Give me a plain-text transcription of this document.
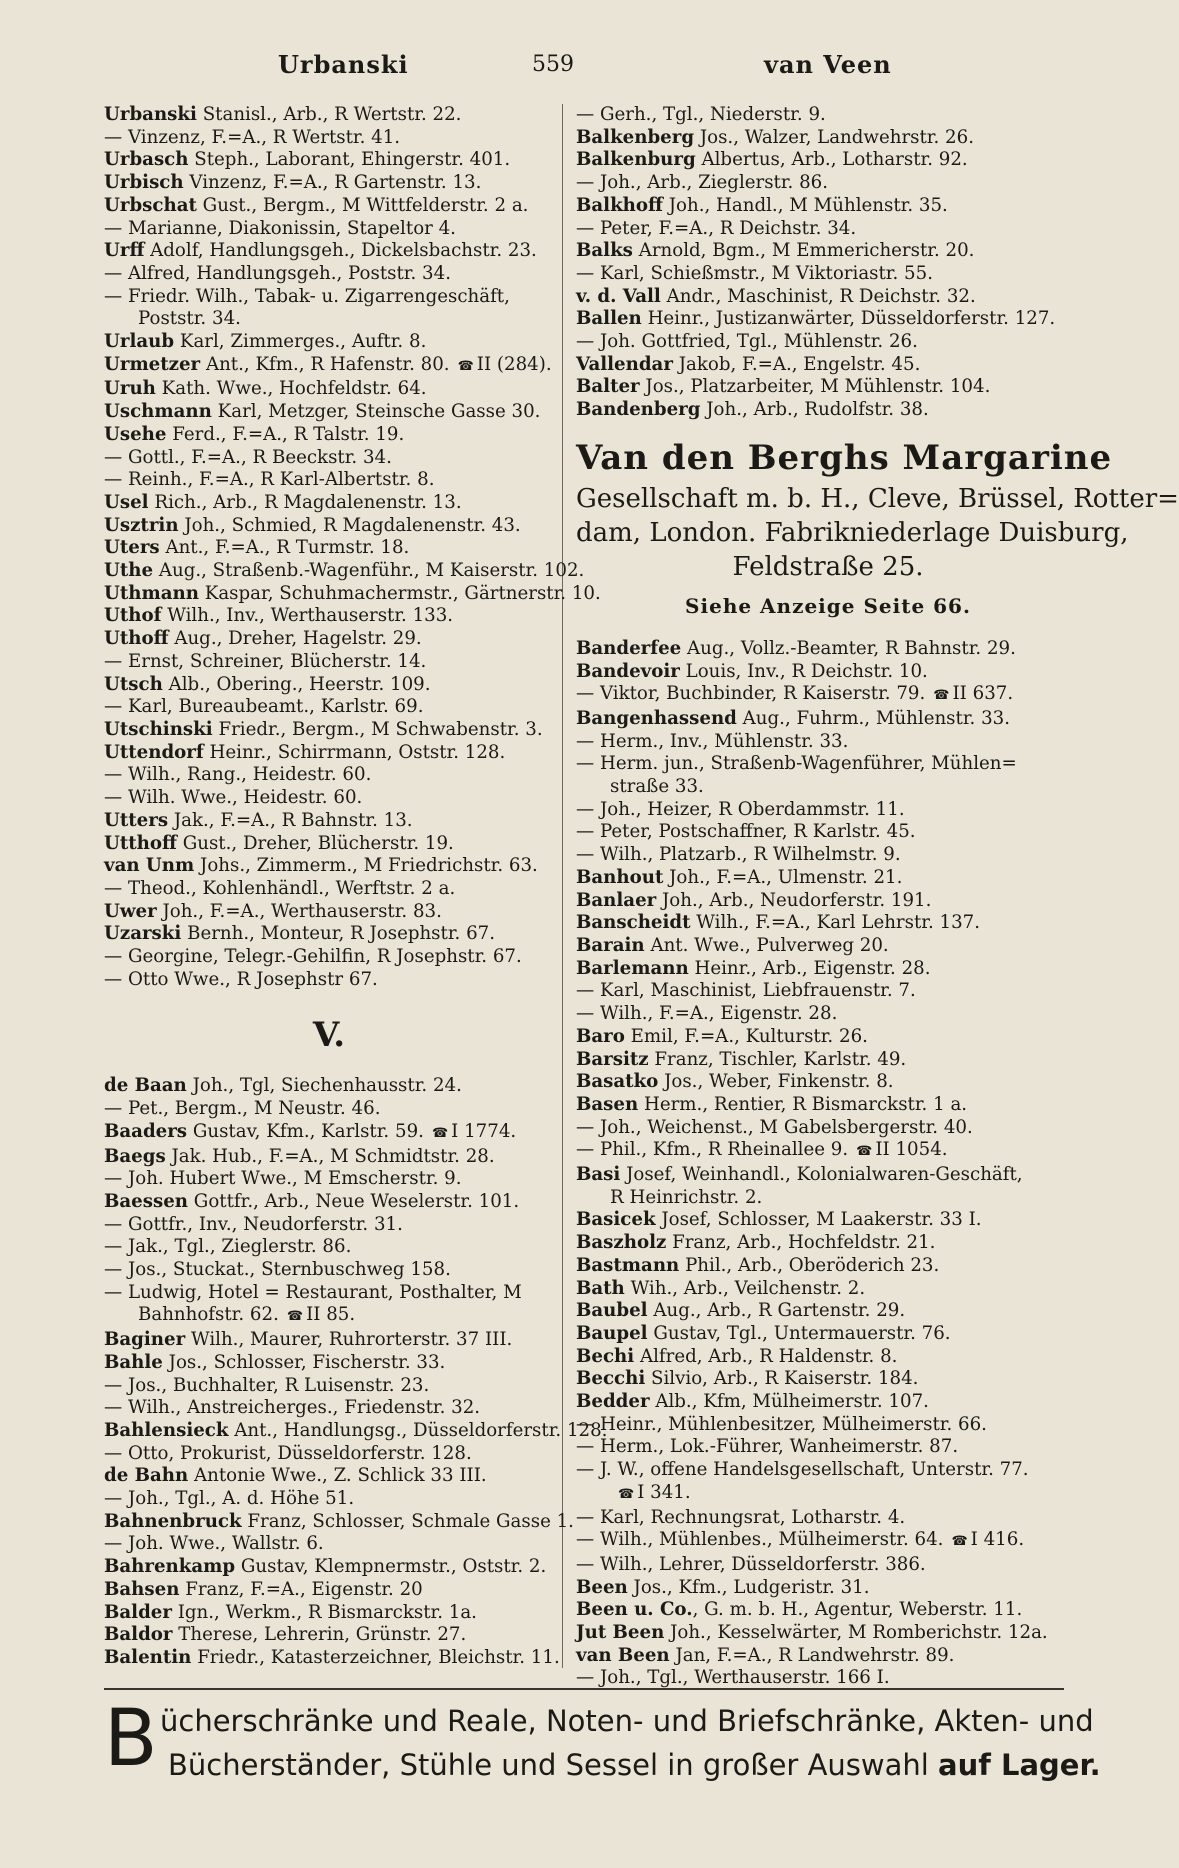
Urbanski	559	van Veen
Urbanski Stanisl., Arb., R Wertstr. 22.
— Vinzenz, F.=A., R Wertstr. 41.
Urbasch Steph., Laborant, Ehingerstr. 401.
Urbisch Vinzenz, F.=A., R Gartenstr. 13.
Urbschat Gust., Bergm., M Wittfelderstr. 2 a.
— Marianne, Diakonissin, Stapeltor 4.
Urff Adolf, Handlungsgeh., Dickelsbachstr. 23.
— Alfred, Handlungsgeh., Poststr. 34.
— Friedr. Wilh., Tabak- u. Zigarrengeschäft,
Poststr. 34.
Urlaub Karl, Zimmerges., Auftr. 8.
Urmetzer Ant., Kfm., R Hafenstr. 80. ☎ II (284).
Uruh Kath. Wwe., Hochfeldstr. 64.
Uschmann Karl, Metzger, Steinsche Gasse 30.
Usehe Ferd., F.=A., R Talstr. 19.
— Gottl., F.=A., R Beeckstr. 34.
— Reinh., F.=A., R Karl-Albertstr. 8.
Usel Rich., Arb., R Magdalenenstr. 13.
Usztrin Joh., Schmied, R Magdalenenstr. 43.
Uters Ant., F.=A., R Turmstr. 18.
Uthe Aug., Straßenb.-Wagenführ., M Kaiserstr. 102.
Uthmann Kaspar, Schuhmachermstr., Gärtnerstr. 10.
Uthof Wilh., Inv., Werthauserstr. 133.
Uthoff Aug., Dreher, Hagelstr. 29.
— Ernst, Schreiner, Blücherstr. 14.
Utsch Alb., Obering., Heerstr. 109.
— Karl, Bureaubeamt., Karlstr. 69.
Utschinski Friedr., Bergm., M Schwabenstr. 3.
Uttendorf Heinr., Schirrmann, Oststr. 128.
— Wilh., Rang., Heidestr. 60.
— Wilh. Wwe., Heidestr. 60.
Utters Jak., F.=A., R Bahnstr. 13.
Utthoff Gust., Dreher, Blücherstr. 19.
van Unm Johs., Zimmerm., M Friedrichstr. 63.
— Theod., Kohlenhändl., Werftstr. 2 a.
Uwer Joh., F.=A., Werthauserstr. 83.
Uzarski Bernh., Monteur, R Josephstr. 67.
— Georgine, Telegr.-Gehilfin, R Josephstr. 67.
— Otto Wwe., R Josephstr 67.
V.
de Baan Joh., Tgl, Siechenhausstr. 24.
— Pet., Bergm., M Neustr. 46.
Baaders Gustav, Kfm., Karlstr. 59. ☎ I 1774.
Baegs Jak. Hub., F.=A., M Schmidtstr. 28.
— Joh. Hubert Wwe., M Emscherstr. 9.
Baessen Gottfr., Arb., Neue Weselerstr. 101.
— Gottfr., Inv., Neudorferstr. 31.
— Jak., Tgl., Zieglerstr. 86.
— Jos., Stuckat., Sternbuschweg 158.
— Ludwig, Hotel = Restaurant, Posthalter, M
Bahnhofstr. 62. ☎ II 85.
Baginer Wilh., Maurer, Ruhrorterstr. 37 III.
Bahle Jos., Schlosser, Fischerstr. 33.
— Jos., Buchhalter, R Luisenstr. 23.
— Wilh., Anstreicherges., Friedenstr. 32.
Bahlensieck Ant., Handlungsg., Düsseldorferstr. 128.
— Otto, Prokurist, Düsseldorferstr. 128.
de Bahn Antonie Wwe., Z. Schlick 33 III.
— Joh., Tgl., A. d. Höhe 51.
Bahnenbruck Franz, Schlosser, Schmale Gasse 1.
— Joh. Wwe., Wallstr. 6.
Bahrenkamp Gustav, Klempnermstr., Oststr. 2.
Bahsen Franz, F.=A., Eigenstr. 20
Balder Ign., Werkm., R Bismarckstr. 1a.
Baldor Therese, Lehrerin, Grünstr. 27.
Balentin Friedr., Katasterzeichner, Bleichstr. 11.
— Gerh., Tgl., Niederstr. 9.
Balkenberg Jos., Walzer, Landwehrstr. 26.
Balkenburg Albertus, Arb., Lotharstr. 92.
— Joh., Arb., Zieglerstr. 86.
Balkhoff Joh., Handl., M Mühlenstr. 35.
— Peter, F.=A., R Deichstr. 34.
Balks Arnold, Bgm., M Emmericherstr. 20.
— Karl, Schießmstr., M Viktoriastr. 55.
v. d. Vall Andr., Maschinist, R Deichstr. 32.
Ballen Heinr., Justizanwärter, Düsseldorferstr. 127.
— Joh. Gottfried, Tgl., Mühlenstr. 26.
Vallendar Jakob, F.=A., Engelstr. 45.
Balter Jos., Platzarbeiter, M Mühlenstr. 104.
Bandenberg Joh., Arb., Rudolfstr. 38.
Van den Berghs Margarine
Gesellschaft m. b. H., Cleve, Brüssel, Rotter=
dam, London. Fabrikniederlage Duisburg,
Feldstraße 25.
Siehe Anzeige Seite 66.
Banderfee Aug., Vollz.-Beamter, R Bahnstr. 29.
Bandevoir Louis, Inv., R Deichstr. 10.
— Viktor, Buchbinder, R Kaiserstr. 79. ☎ II 637.
Bangenhassend Aug., Fuhrm., Mühlenstr. 33.
— Herm., Inv., Mühlenstr. 33.
— Herm. jun., Straßenb-Wagenführer, Mühlen=
straße 33.
— Joh., Heizer, R Oberdammstr. 11.
— Peter, Postschaffner, R Karlstr. 45.
— Wilh., Platzarb., R Wilhelmstr. 9.
Banhout Joh., F.=A., Ulmenstr. 21.
Banlaer Joh., Arb., Neudorferstr. 191.
Banscheidt Wilh., F.=A., Karl Lehrstr. 137.
Barain Ant. Wwe., Pulverweg 20.
Barlemann Heinr., Arb., Eigenstr. 28.
— Karl, Maschinist, Liebfrauenstr. 7.
— Wilh., F.=A., Eigenstr. 28.
Baro Emil, F.=A., Kulturstr. 26.
Barsitz Franz, Tischler, Karlstr. 49.
Basatko Jos., Weber, Finkenstr. 8.
Basen Herm., Rentier, R Bismarckstr. 1 a.
— Joh., Weichenst., M Gabelsbergerstr. 40.
— Phil., Kfm., R Rheinallee 9. ☎ II 1054.
Basi Josef, Weinhandl., Kolonialwaren-Geschäft,
R Heinrichstr. 2.
Basicek Josef, Schlosser, M Laakerstr. 33 I.
Baszholz Franz, Arb., Hochfeldstr. 21.
Bastmann Phil., Arb., Oberöderich 23.
Bath Wih., Arb., Veilchenstr. 2.
Baubel Aug., Arb., R Gartenstr. 29.
Baupel Gustav, Tgl., Untermauerstr. 76.
Bechi Alfred, Arb., R Haldenstr. 8.
Becchi Silvio, Arb., R Kaiserstr. 184.
Bedder Alb., Kfm, Mülheimerstr. 107.
— Heinr., Mühlenbesitzer, Mülheimerstr. 66.
— Herm., Lok.-Führer, Wanheimerstr. 87.
— J. W., offene Handelsgesellschaft, Unterstr. 77.
☎ I 341.
— Karl, Rechnungsrat, Lotharstr. 4.
— Wilh., Mühlenbes., Mülheimerstr. 64. ☎ I 416.
— Wilh., Lehrer, Düsseldorferstr. 386.
Been Jos., Kfm., Ludgeristr. 31.
Been u. Co., G. m. b. H., Agentur, Weberstr. 11.
Jut Been Joh., Kesselwärter, M Romberichstr. 12a.
van Been Jan, F.=A., R Landwehrstr. 89.
— Joh., Tgl., Werthauserstr. 166 I.
B ücherschränke und Reale, Noten- und Briefschränke, Akten- und
Bücherständer, Stühle und Sessel in großer Auswahl auf Lager.
